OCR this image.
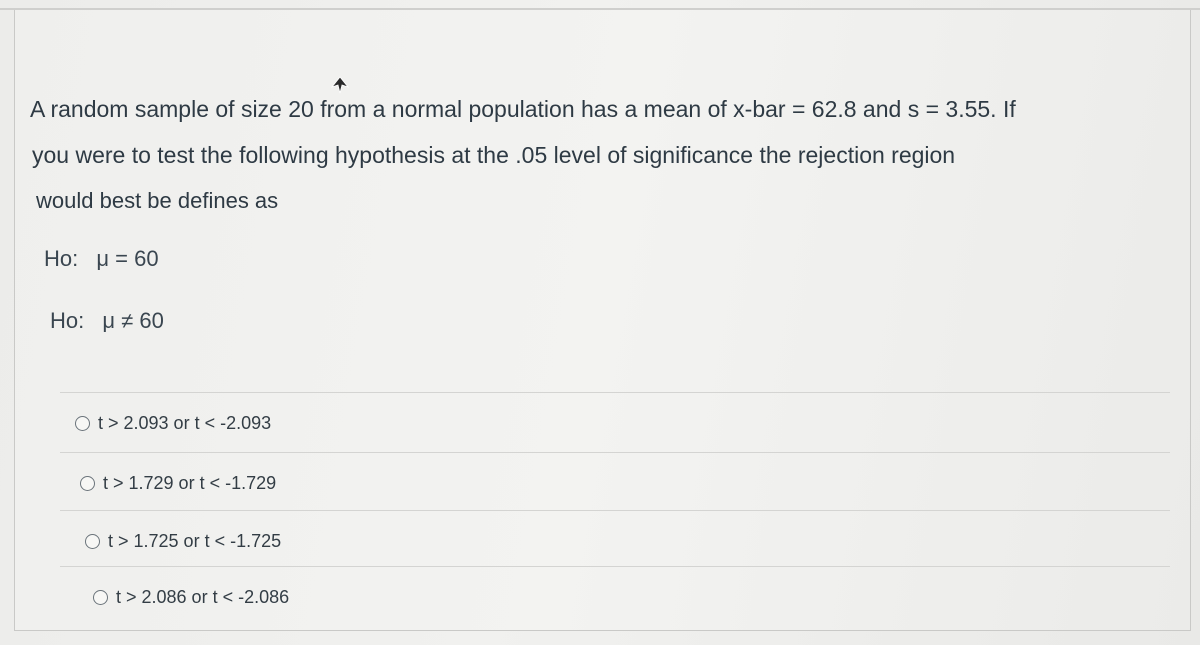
A random sample of size 20 from a normal population has a mean of x-bar = 62.8 and s = 3.55. If
you were to test the following hypothesis at the .05 level of significance the rejection region
would best be defines as
Ho: μ = 60
Ho: μ ≠ 60
t > 2.093 or t < -2.093
t > 1.729 or t < -1.729
t > 1.725 or t < -1.725
t > 2.086 or t < -2.086
